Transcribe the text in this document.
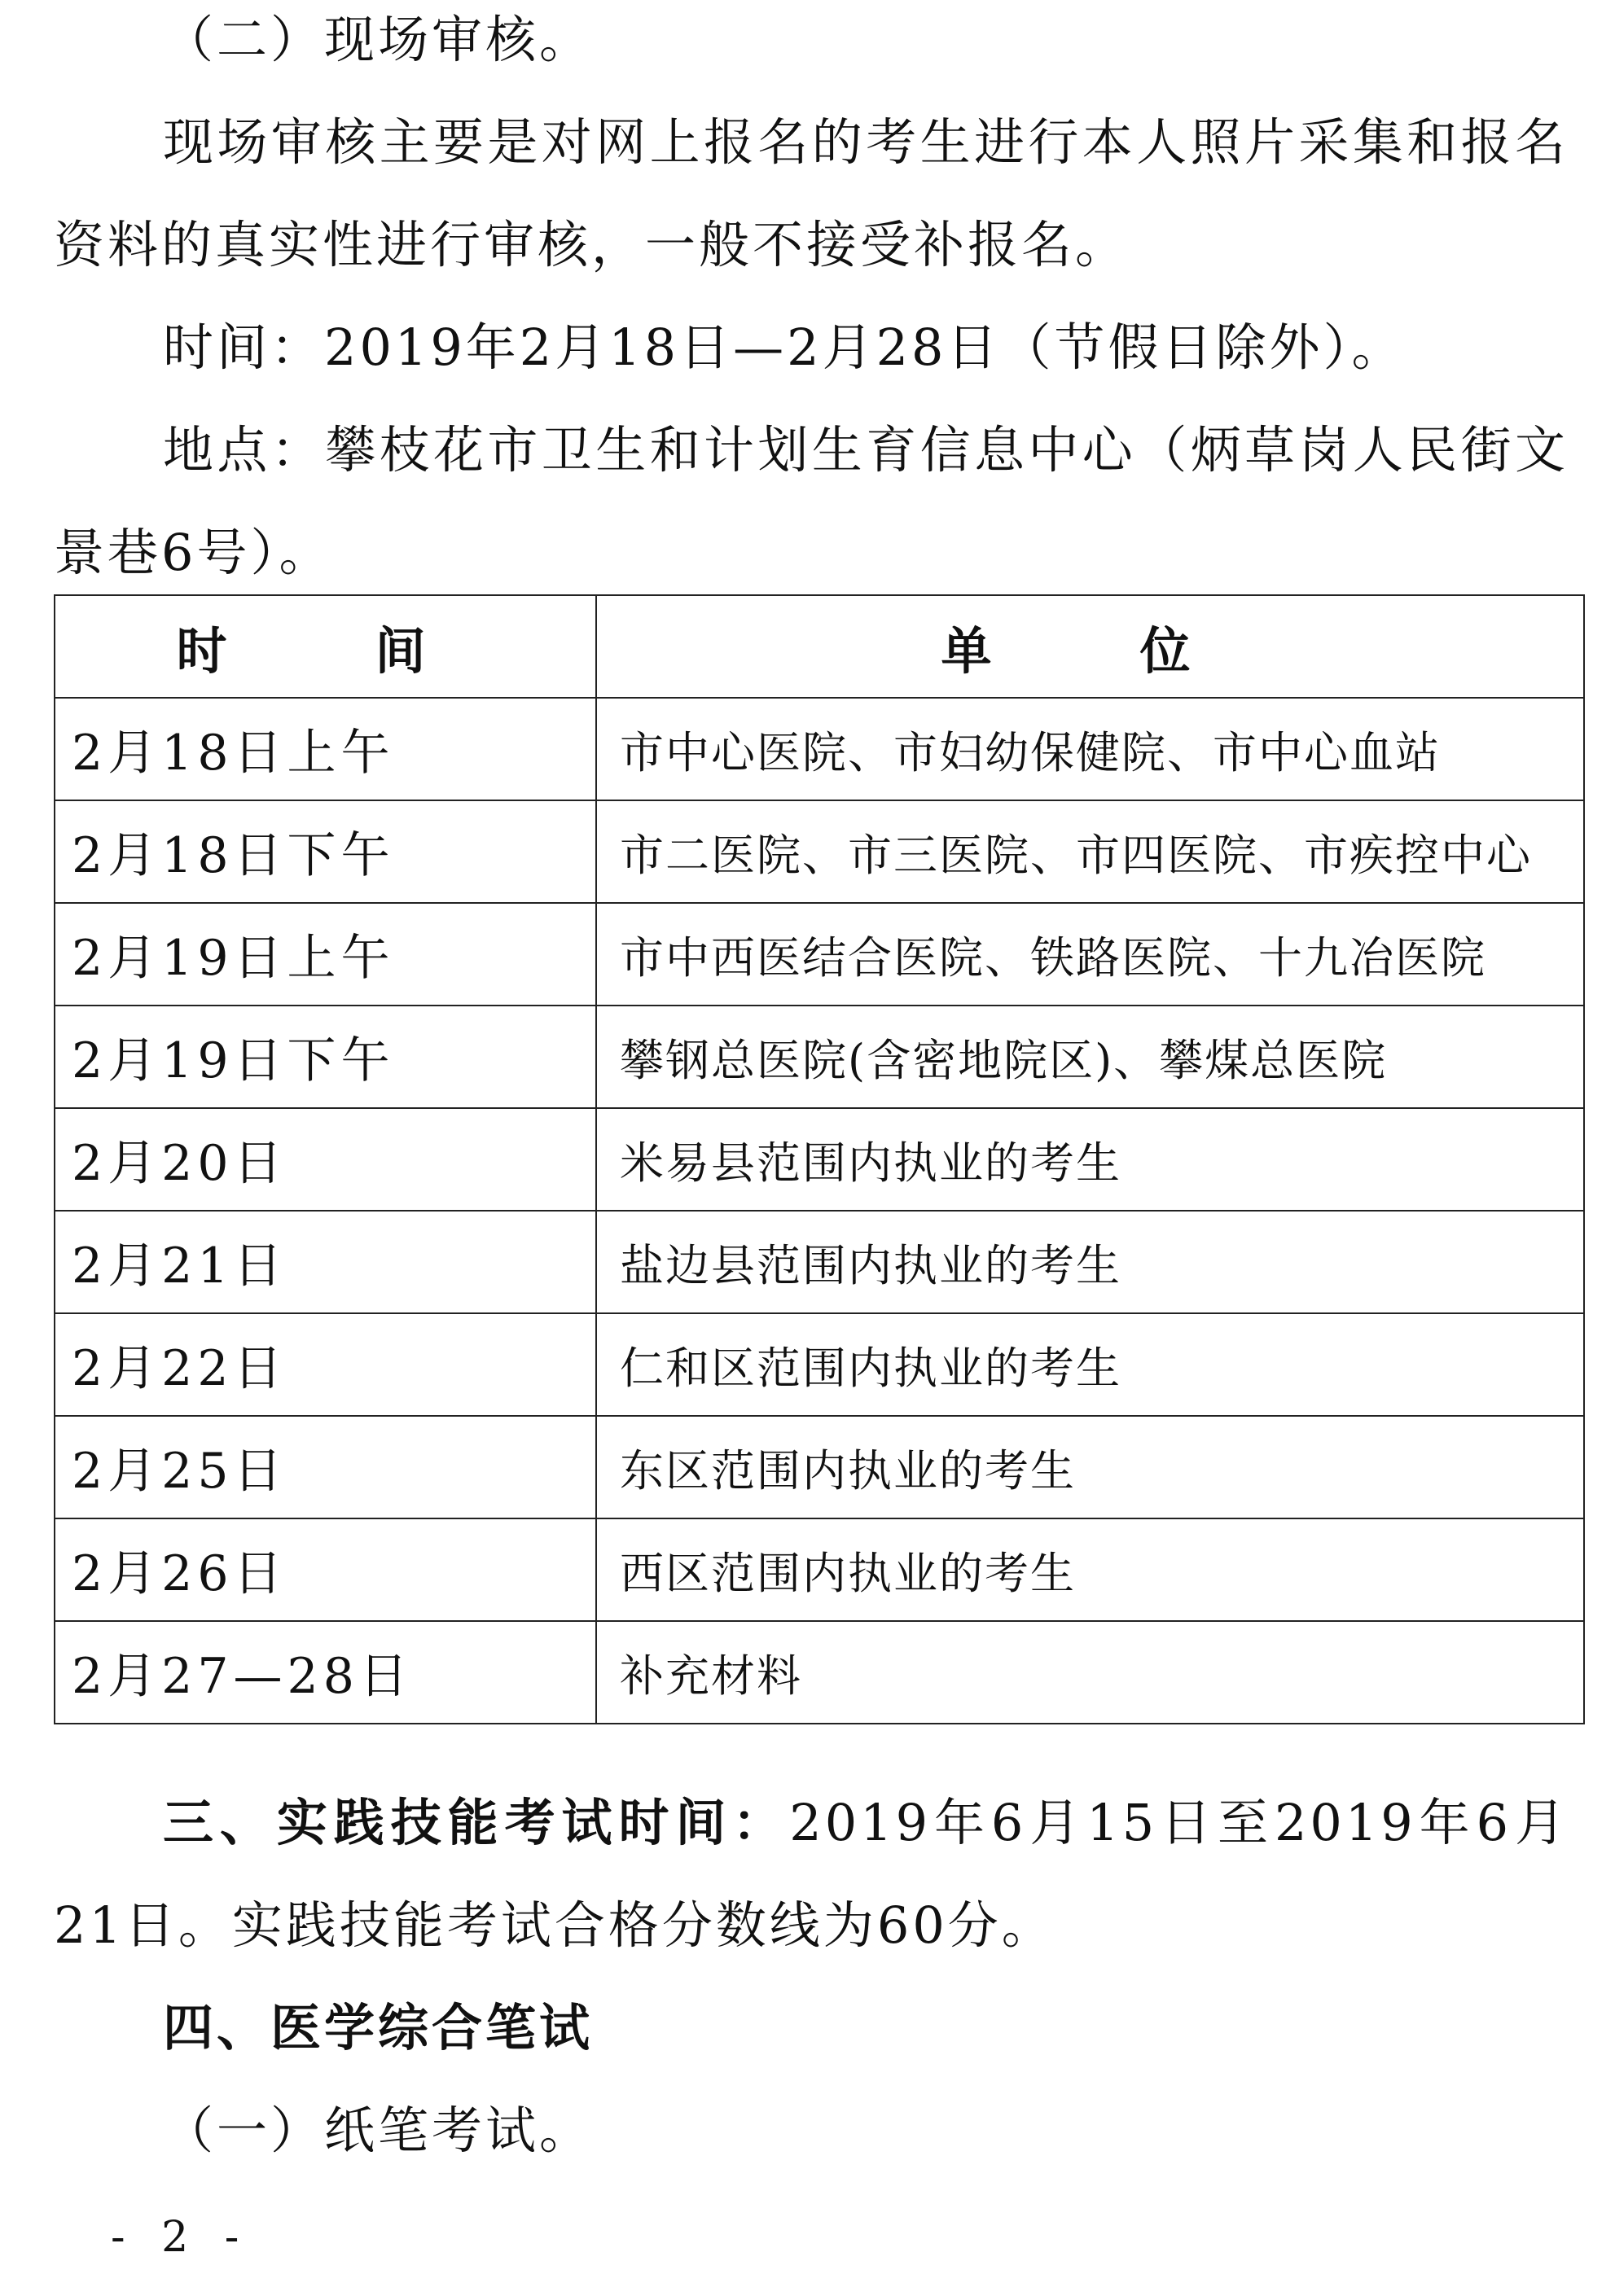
（二）现场审核。

现场审核主要是对网上报名的考生进行本人照片采集和报名资料的真实性进行审核，一般不接受补报名。

时间：2019年2月18日—2月28日（节假日除外）。

地点：攀枝花市卫生和计划生育信息中心（炳草岗人民街文景巷6号）。

时　间	单　位
2月18日上午	市中心医院、市妇幼保健院、市中心血站
2月18日下午	市二医院、市三医院、市四医院、市疾控中心
2月19日上午	市中西医结合医院、铁路医院、十九冶医院
2月19日下午	攀钢总医院(含密地院区)、攀煤总医院
2月20日	米易县范围内执业的考生
2月21日	盐边县范围内执业的考生
2月22日	仁和区范围内执业的考生
2月25日	东区范围内执业的考生
2月26日	西区范围内执业的考生
2月27—28日	补充材料

三、实践技能考试时间：2019年6月15日至2019年6月21日。实践技能考试合格分数线为60分。

四、医学综合笔试

（一）纸笔考试。

- 2 -
